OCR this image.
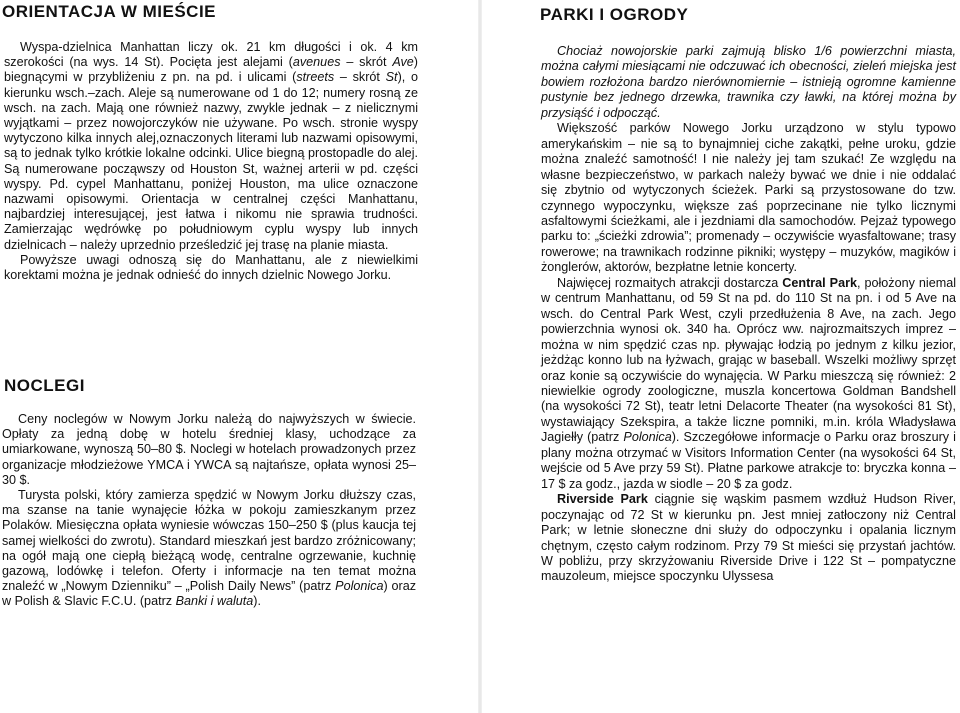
ORIENTACJA W MIEŚCIE

Wyspa-dzielnica Manhattan liczy ok. 21 km długości i ok. 4 km szerokości (na wys. 14 St). Pocięta jest alejami (avenues – skrót Ave) biegnącymi w przybliżeniu z pn. na pd. i ulicami (streets – skrót St), o kierunku wsch.–zach. Aleje są numerowane od 1 do 12; numery rosną ze wsch. na zach. Mają one również nazwy, zwykle jednak – z nielicznymi wyjątkami – przez nowojorczyków nie używane. Po wsch. stronie wyspy wytyczono kilka innych alej,oznaczonych literami lub nazwami opisowymi, są to jednak tylko krótkie lokalne odcinki. Ulice biegną prostopadle do alej. Są numerowane począwszy od Houston St, ważnej arterii w pd. części wyspy. Pd. cypel Manhattanu, poniżej Houston, ma ulice oznaczone nazwami opisowymi. Orientacja w centralnej części Manhattanu, najbardziej interesującej, jest łatwa i nikomu nie sprawia trudności. Zamierzając wędrówkę po południowym cyplu wyspy lub innych dzielnicach – należy uprzednio prześledzić jej trasę na planie miasta.

Powyższe uwagi odnoszą się do Manhattanu, ale z niewielkimi korektami można je jednak odnieść do innych dzielnic Nowego Jorku.

NOCLEGI

Ceny noclegów w Nowym Jorku należą do najwyższych w świecie. Opłaty za jedną dobę w hotelu średniej klasy, uchodzące za umiarkowane, wynoszą 50–80 $. Noclegi w hotelach prowadzonych przez organizacje młodzieżowe YMCA i YWCA są najtańsze, opłata wynosi 25–30 $.

Turysta polski, który zamierza spędzić w Nowym Jorku dłuższy czas, ma szanse na tanie wynajęcie łóżka w pokoju zamieszkanym przez Polaków. Miesięczna opłata wyniesie wówczas 150–250 $ (plus kaucja tej samej wielkości do zwrotu). Standard mieszkań jest bardzo zróżnicowany; na ogół mają one ciepłą bieżącą wodę, centralne ogrzewanie, kuchnię gazową, lodówkę i telefon. Oferty i informacje na ten temat można znaleźć w „Nowym Dzienniku” – „Polish Daily News” (patrz Polonica) oraz w Polish & Slavic F.C.U. (patrz Banki i waluta).

PARKI I OGRODY

Chociaż nowojorskie parki zajmują blisko 1/6 powierzchni miasta, można całymi miesiącami nie odczuwać ich obecności, zieleń miejska jest bowiem rozłożona bardzo nierównomiernie – istnieją ogromne kamienne pustynie bez jednego drzewka, trawnika czy ławki, na której można by przysiąść i odpocząć.

Większość parków Nowego Jorku urządzono w stylu typowo amerykańskim – nie są to bynajmniej ciche zakątki, pełne uroku, gdzie można znaleźć samotność! I nie należy jej tam szukać! Ze względu na własne bezpieczeństwo, w parkach należy bywać we dnie i nie oddalać się zbytnio od wytyczonych ścieżek. Parki są przystosowane do tzw. czynnego wypoczynku, większe zaś poprzecinane nie tylko licznymi asfaltowymi ścieżkami, ale i jezdniami dla samochodów. Pejzaż typowego parku to: „ścieżki zdrowia”; promenady – oczywiście wyasfaltowane; trasy rowerowe; na trawnikach rodzinne pikniki; występy – muzyków, magików i żonglerów, aktorów, bezpłatne letnie koncerty.

Najwięcej rozmaitych atrakcji dostarcza Central Park, położony niemal w centrum Manhattanu, od 59 St na pd. do 110 St na pn. i od 5 Ave na wsch. do Central Park West, czyli przedłużenia 8 Ave, na zach. Jego powierzchnia wynosi ok. 340 ha. Oprócz ww. najrozmaitszych imprez – można w nim spędzić czas np. pływając łodzią po jednym z kilku jezior, jeżdżąc konno lub na łyżwach, grając w baseball. Wszelki możliwy sprzęt oraz konie są oczywiście do wynajęcia. W Parku mieszczą się również: 2 niewielkie ogrody zoologiczne, muszla koncertowa Goldman Bandshell (na wysokości 72 St), teatr letni Delacorte Theater (na wysokości 81 St), wystawiający Szekspira, a także liczne pomniki, m.in. króla Władysława Jagiełły (patrz Polonica). Szczegółowe informacje o Parku oraz broszury i plany można otrzymać w Visitors Information Center (na wysokości 64 St, wejście od 5 Ave przy 59 St). Płatne parkowe atrakcje to: bryczka konna – 17 $ za godz., jazda w siodle – 20 $ za godz.

Riverside Park ciągnie się wąskim pasmem wzdłuż Hudson River, poczynając od 72 St w kierunku pn. Jest mniej zatłoczony niż Central Park; w letnie słoneczne dni służy do odpoczynku i opalania licznym chętnym, często całym rodzinom. Przy 79 St mieści się przystań jachtów. W pobliżu, przy skrzyżowaniu Riverside Drive i 122 St – pompatyczne mauzoleum, miejsce spoczynku Ulyssesa
